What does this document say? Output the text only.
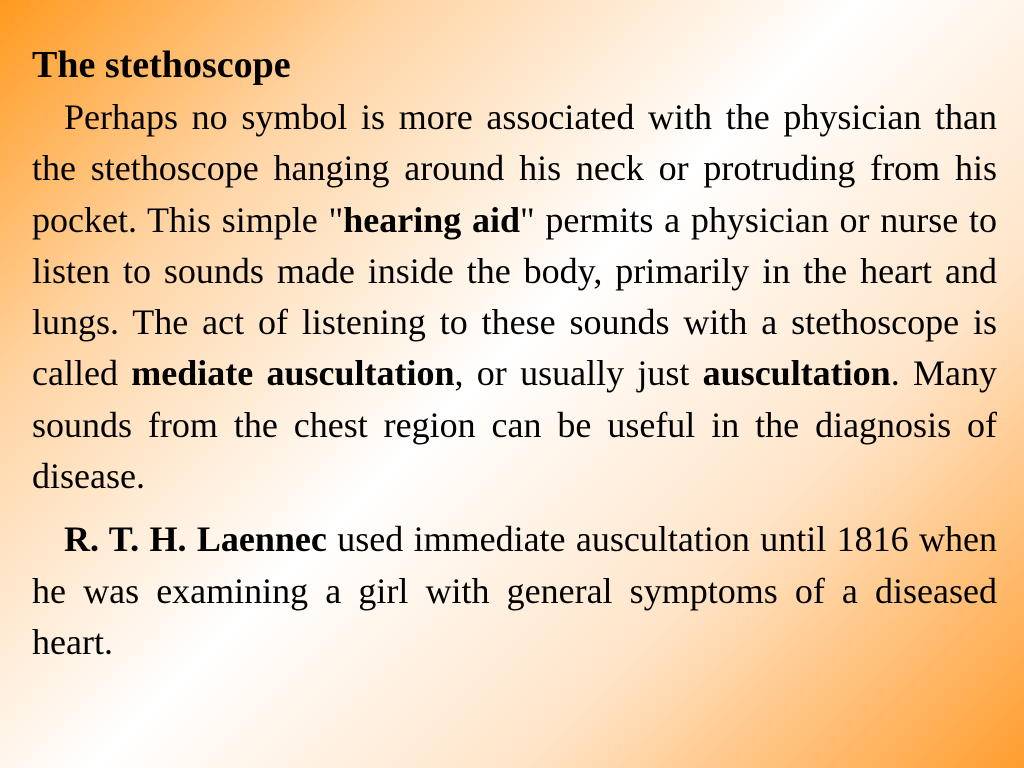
The stethoscope

Perhaps no symbol is more associated with the physician than the stethoscope hanging around his neck or protruding from his pocket. This simple "hearing aid" permits a physician or nurse to listen to sounds made inside the body, primarily in the heart and lungs. The act of listening to these sounds with a stethoscope is called mediate auscultation, or usually just auscultation. Many sounds from the chest region can be useful in the diagnosis of disease.

R. T. H. Laennec used immediate auscultation until 1816 when he was examining a girl with general symptoms of a diseased heart.
